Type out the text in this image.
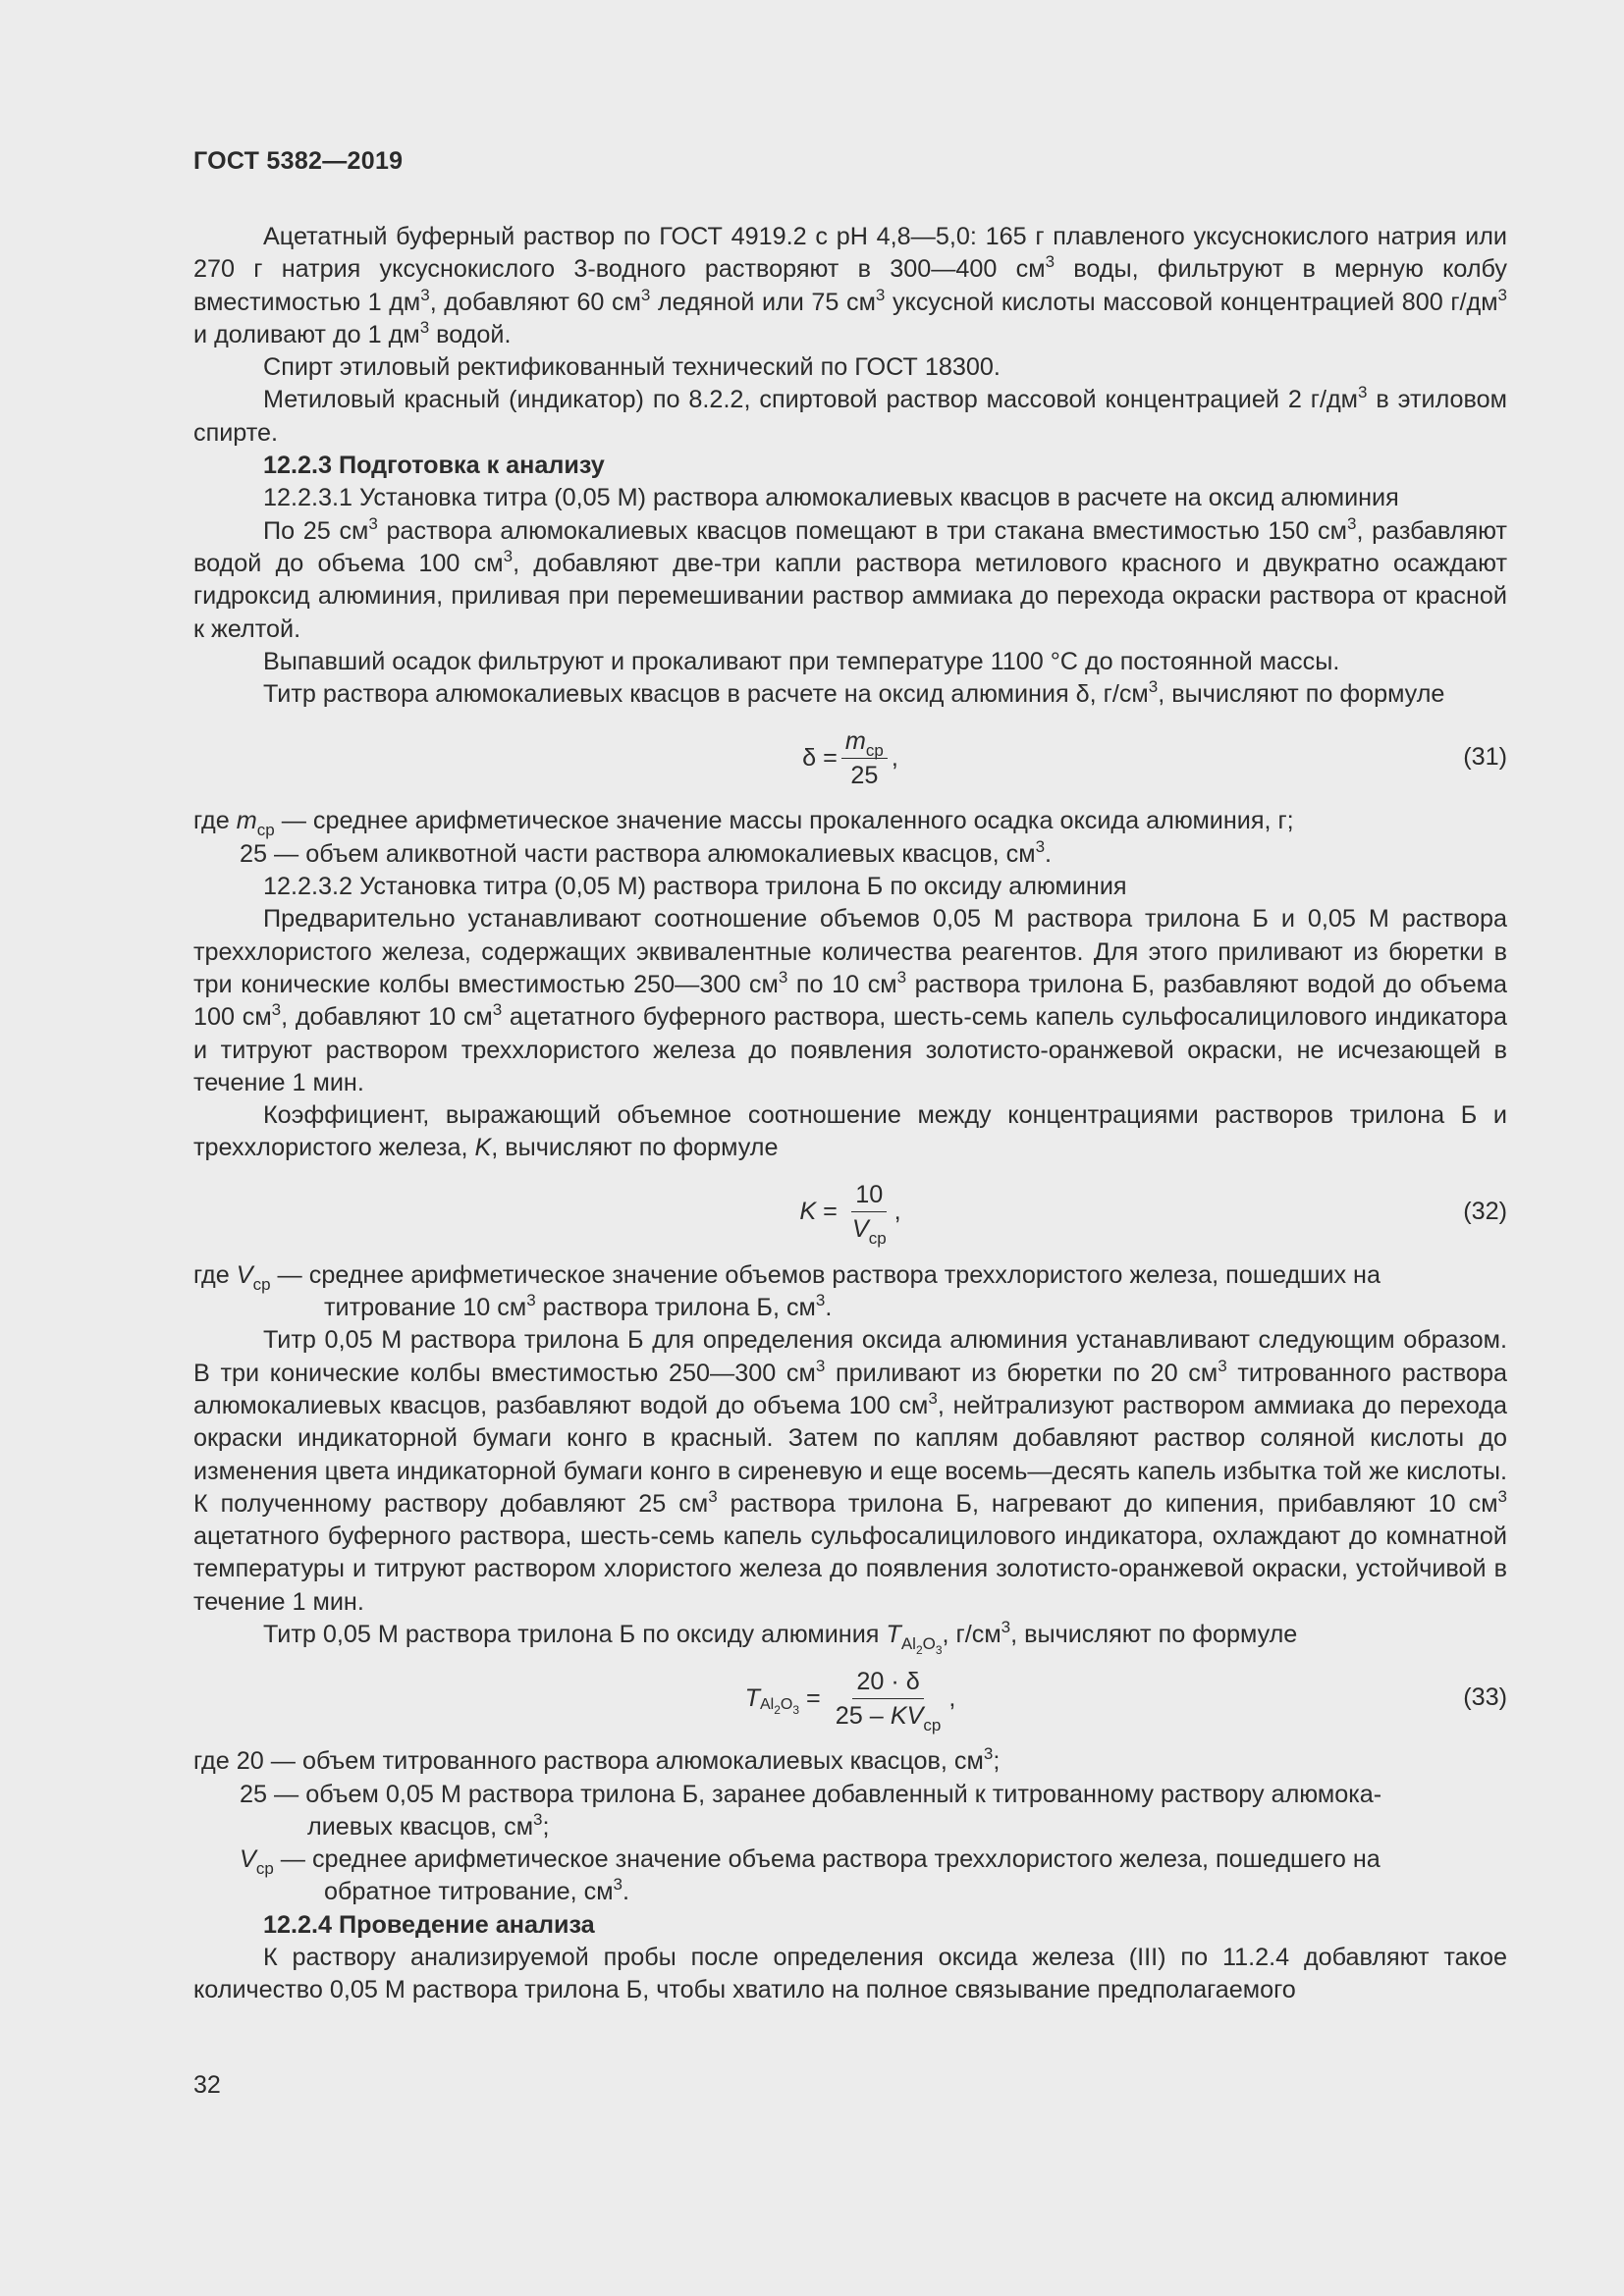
ГОСТ 5382—2019

Ацетатный буферный раствор по ГОСТ 4919.2 с рН 4,8—5,0: 165 г плавленого уксуснокислого натрия или 270 г натрия уксуснокислого 3-водного растворяют в 300—400 $см^3$ воды, фильтруют в мерную колбу вместимостью 1 $дм^3$, добавляют 60 $см^3$ ледяной или 75 $см^3$ уксусной кислоты массовой концентрацией 800 $г/дм^3$ и доливают до 1 $дм^3$ водой.

Спирт этиловый ректификованный технический по ГОСТ 18300.

Метиловый красный (индикатор) по 8.2.2, спиртовой раствор массовой концентрацией 2 $г/дм^3$ в этиловом спирте.

12.2.3 Подготовка к анализу

12.2.3.1 Установка титра (0,05 М) раствора алюмокалиевых квасцов в расчете на оксид алюминия

По 25 $см^3$ раствора алюмокалиевых квасцов помещают в три стакана вместимостью 150 $см^3$, разбавляют водой до объема 100 $см^3$, добавляют две-три капли раствора метилового красного и двукратно осаждают гидроксид алюминия, приливая при перемешивании раствор аммиака до перехода окраски раствора от красной к желтой.

Выпавший осадок фильтруют и прокаливают при температуре 1100 °С до постоянной массы.

Титр раствора алюмокалиевых квасцов в расчете на оксид алюминия δ, $г/см^3$, вычисляют по формуле

$\delta = \frac{m_{ср}}{25}$ ,	(31)
где $m_{ср}$ — среднее арифметическое значение массы прокаленного осадка оксида алюминия, г;
25 — объем аликвотной части раствора алюмокалиевых квасцов, $см^3$.

12.2.3.2 Установка титра (0,05 М) раствора трилона Б по оксиду алюминия

Предварительно устанавливают соотношение объемов 0,05 М раствора трилона Б и 0,05 М раствора треххлористого железа, содержащих эквивалентные количества реагентов. Для этого приливают из бюретки в три конические колбы вместимостью 250—300 $см^3$ по 10 $см^3$ раствора трилона Б, разбавляют водой до объема 100 $см^3$, добавляют 10 $см^3$ ацетатного буферного раствора, шесть-семь капель сульфосалицилового индикатора и титруют раствором треххлористого железа до появления золотисто-оранжевой окраски, не исчезающей в течение 1 мин.

Коэффициент, выражающий объемное соотношение между концентрациями растворов трилона Б и треххлористого железа, K, вычисляют по формуле

$K = \frac{10}{V_{ср}}$ ,	(32)
где $V_{ср}$ — среднее арифметическое значение объемов раствора треххлористого железа, пошедших на
титрование 10 $см^3$ раствора трилона Б, $см^3$.

Титр 0,05 М раствора трилона Б для определения оксида алюминия устанавливают следующим образом. В три конические колбы вместимостью 250—300 $см^3$ приливают из бюретки по 20 $см^3$ титрованного раствора алюмокалиевых квасцов, разбавляют водой до объема 100 $см^3$, нейтрализуют раствором аммиака до перехода окраски индикаторной бумаги конго в красный. Затем по каплям добавляют раствор соляной кислоты до изменения цвета индикаторной бумаги конго в сиреневую и еще восемь—десять капель избытка той же кислоты. К полученному раствору добавляют 25 $см^3$ раствора трилона Б, нагревают до кипения, прибавляют 10 $см^3$ ацетатного буферного раствора, шесть-семь капель сульфосалицилового индикатора, охлаждают до комнатной температуры и титруют раствором хлористого железа до появления золотисто-оранжевой окраски, устойчивой в течение 1 мин.

Титр 0,05 М раствора трилона Б по оксиду алюминия $T_{Al_2O_3}$, $г/см^3$, вычисляют по формуле

T $Al_2O_3 = \frac{20 \cdot \delta}{25 - KV_{ср}}$ ,	(33)
где 20 — объем титрованного раствора алюмокалиевых квасцов, $см^3$;
25 — объем 0,05 М раствора трилона Б, заранее добавленный к титрованному раствору алюмока-
лиевых квасцов, $см^3$;
$V_{ср}$ — среднее арифметическое значение объема раствора треххлористого железа, пошедшего на
обратное титрование, $см^3$.

12.2.4 Проведение анализа

К раствору анализируемой пробы после определения оксида железа (III) по 11.2.4 добавляют такое количество 0,05 М раствора трилона Б, чтобы хватило на полное связывание предполагаемого

32
